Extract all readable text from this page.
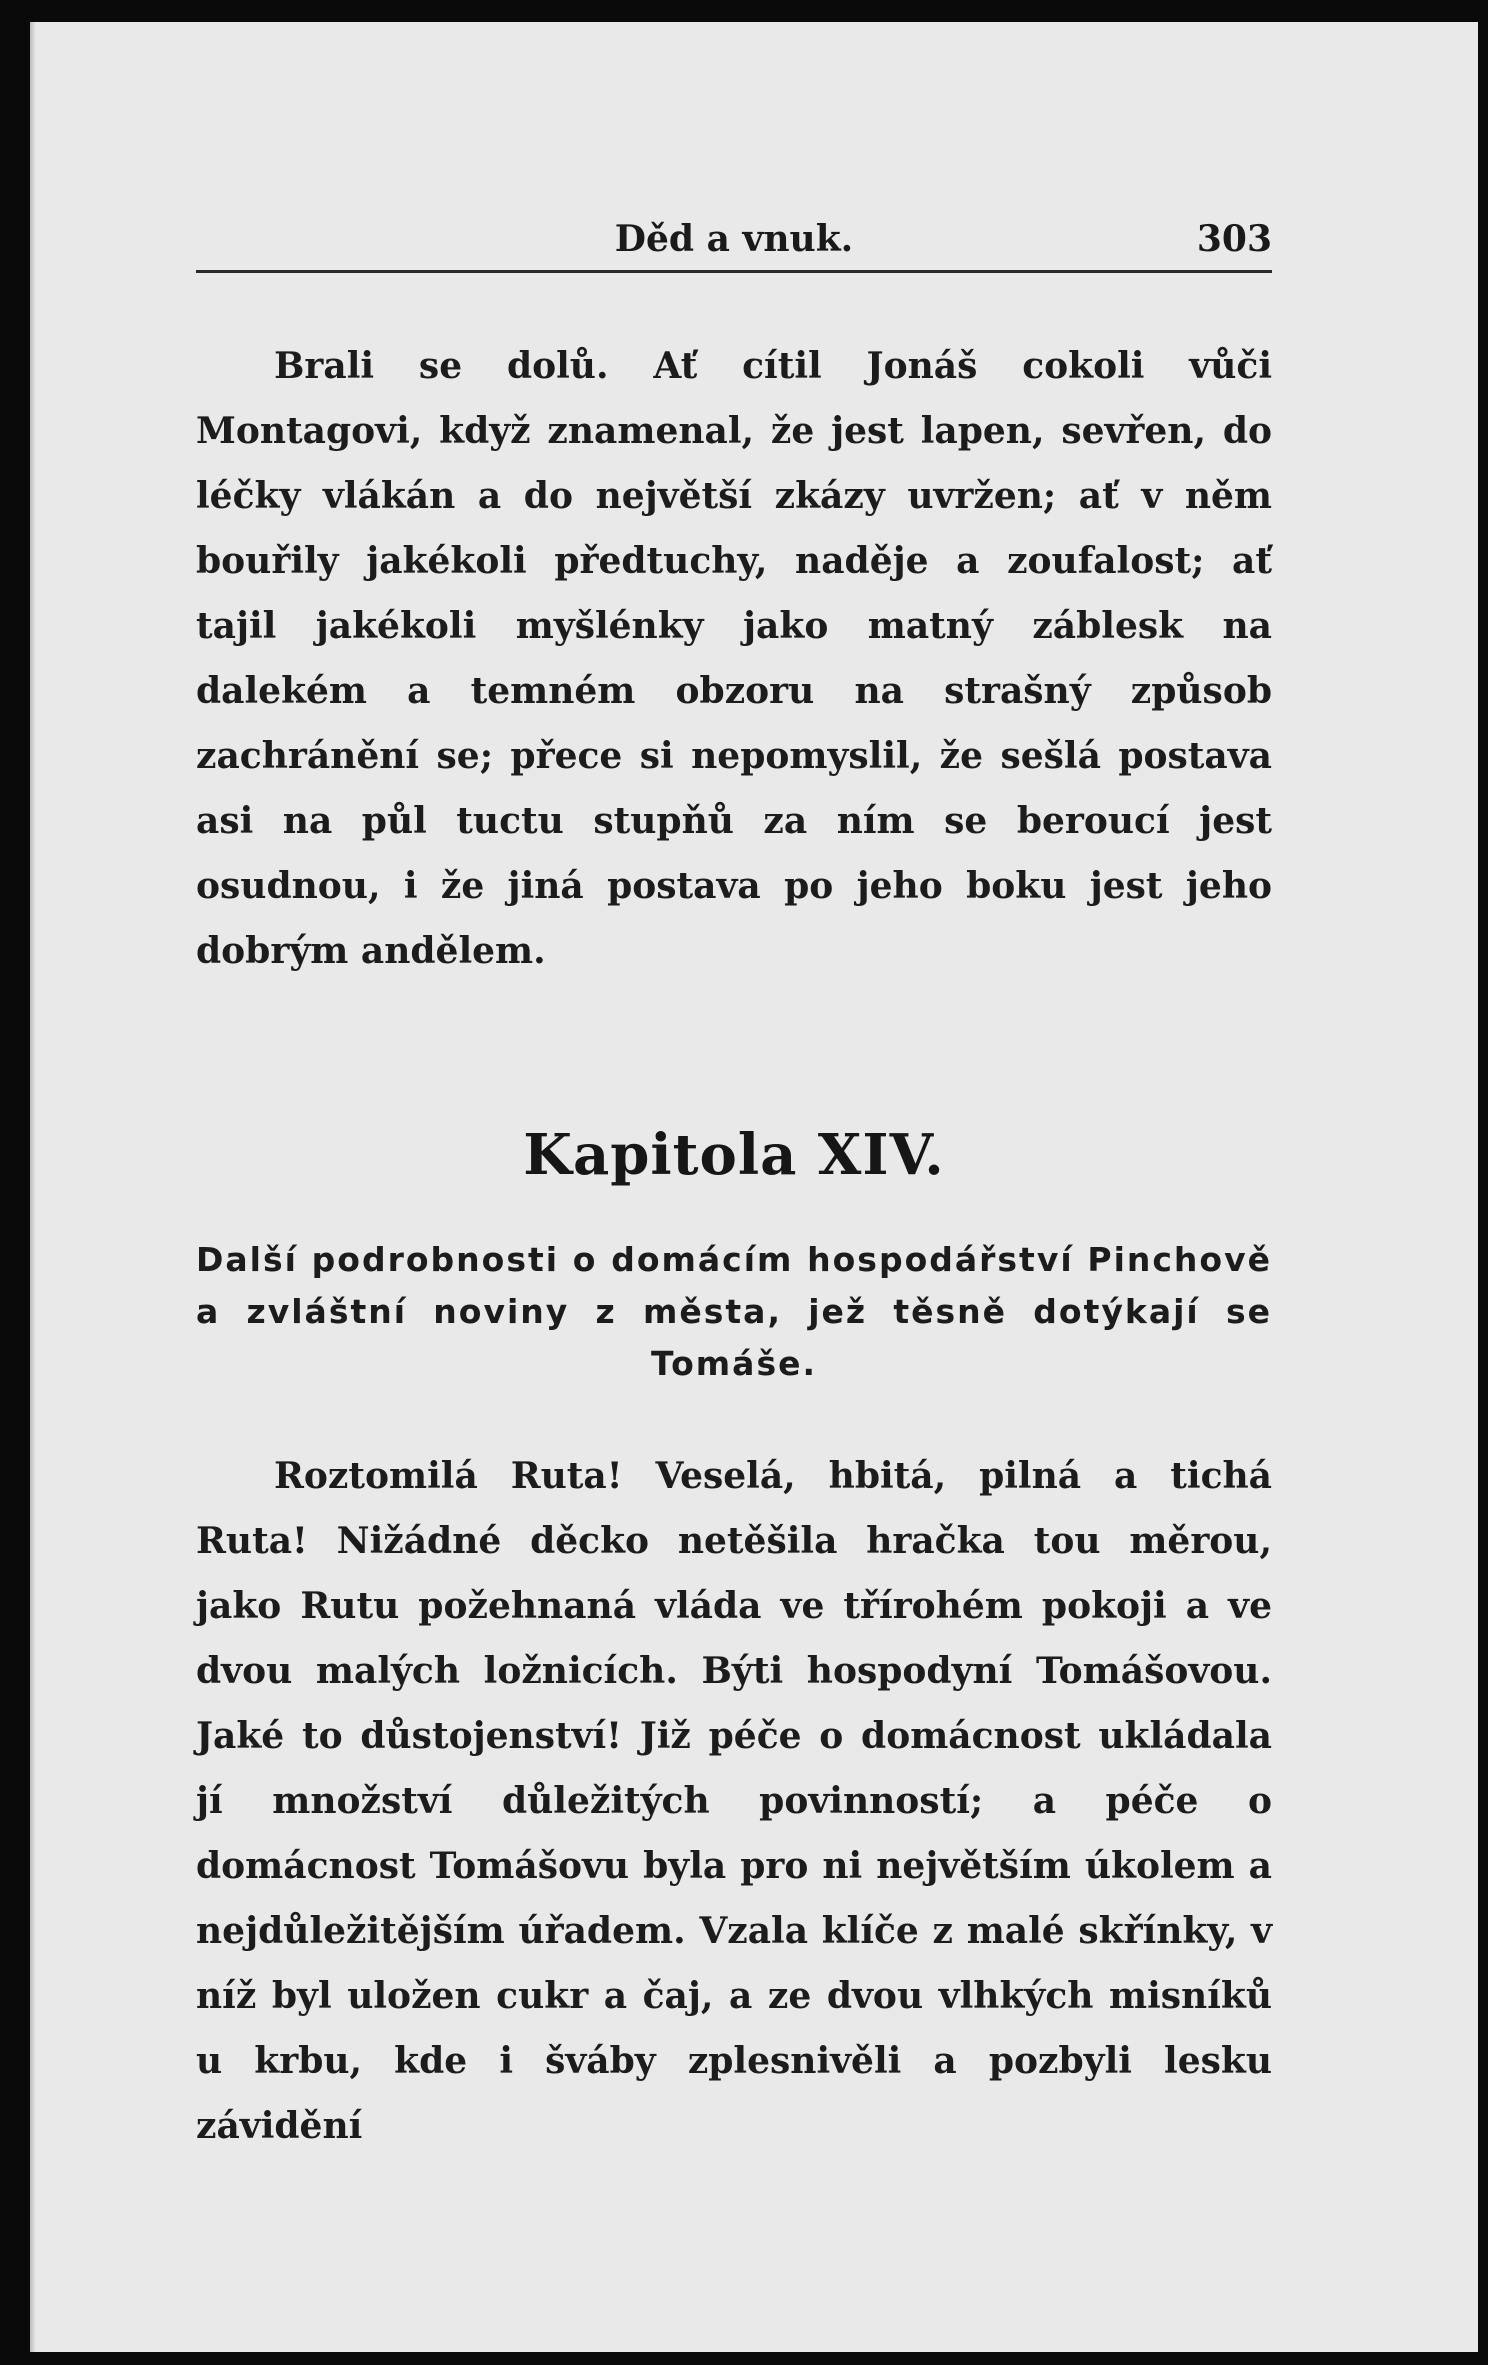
Děd a vnuk.	303

Brali se dolů. Ať cítil Jonáš cokoli vůči Montagovi, když znamenal, že jest lapen, sevřen, do léčky vlákán a do největší zkázy uvržen; ať v něm bouřily jakékoli předtuchy, naděje a zoufalost; ať tajil jakékoli myšlénky jako matný záblesk na dalekém a temném obzoru na strašný způsob zachránění se; přece si nepomyslil, že sešlá postava asi na půl tuctu stupňů za ním se beroucí jest osudnou, i že jiná postava po jeho boku jest jeho dobrým andělem.

Kapitola XIV.

Další podrobnosti o domácím hospodářství Pinchově a zvláštní noviny z města, jež těsně dotýkají se Tomáše.

Roztomilá Ruta! Veselá, hbitá, pilná a tichá Ruta! Nižádné děcko netěšila hračka tou měrou, jako Rutu požehnaná vláda ve třírohém pokoji a ve dvou malých ložnicích. Býti hospodyní Tomášovou. Jaké to důstojenství! Již péče o domácnost ukládala jí množství důležitých povinností; a péče o domácnost Tomášovu byla pro ni největším úkolem a nejdůležitějším úřadem. Vzala klíče z malé skřínky, v níž byl uložen cukr a čaj, a ze dvou vlhkých misníků u krbu, kde i šváby zplesnivěli a pozbyli lesku závidění
